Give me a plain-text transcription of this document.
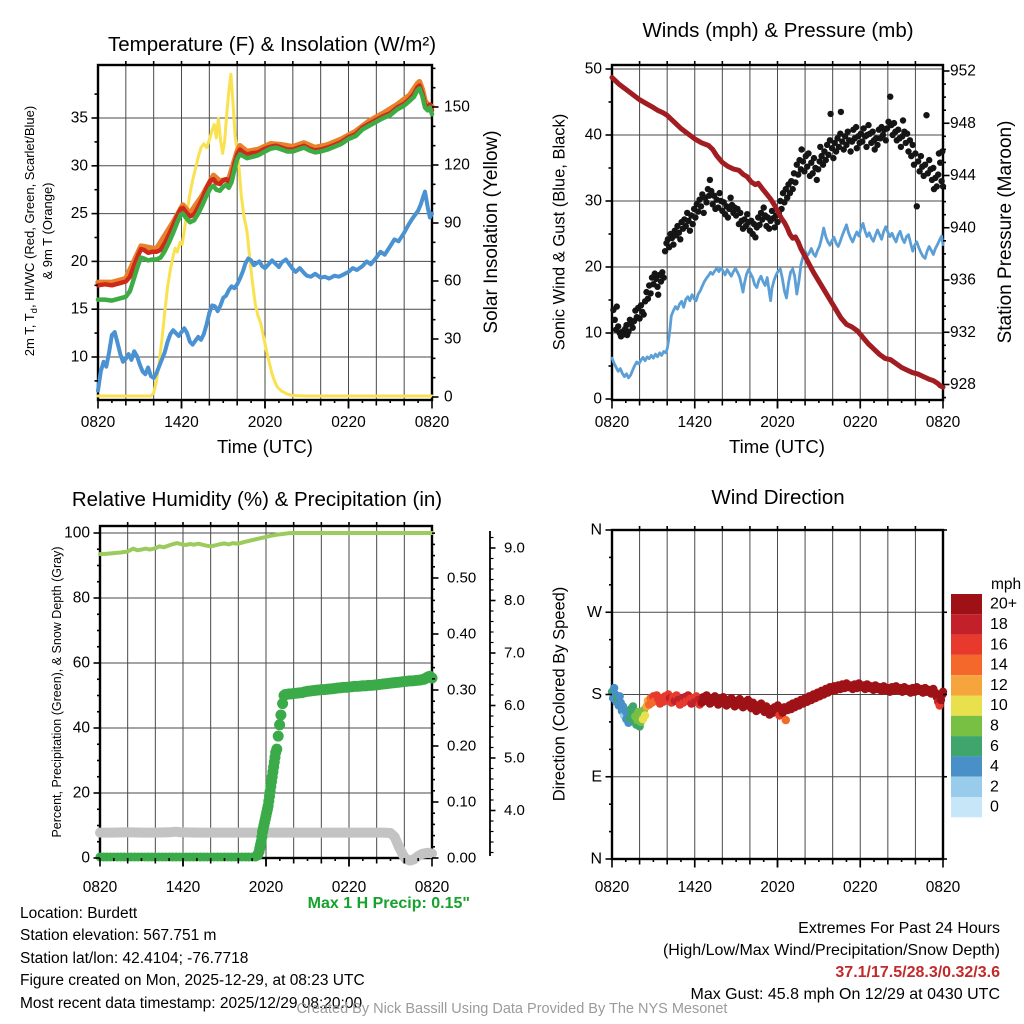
0820	1420	2020	0220	0820
10
15
20
25
30
35
0
30
60
90
120
150
0820	1420	2020	0220	0820
0
10
20
30
40
50
928
932
936
940
944
948
952
0820	1420	2020	0220	0820
0.00
0.10
0.20
0.30
0.40
0.50
4.0
5.0
6.0
7.0
8.0
9.0
0
20
40
60
80
100
0820	1420	2020	0220	0820
N
W
S
E
N
mph
20+
18
16
14
12
10
8
6
4
2
0
Temperature (F) & Insolation (W/m²)
Winds (mph) & Pressure (mb)
Relative Humidity (%) & Precipitation (in)	Wind Direction
2m T, $T_d$, HI/WC (Red, Green, Scarlet/Blue) & 9m T (Orange)	Solar Insolation (Yellow)	Sonic Wind & Gust (Blue, Black)	Station Pressure (Maroon)
Percent, Precipitation (Green), & Snow Depth (Gray)	Direction (Colored By Speed)
Time (UTC)	Time (UTC)
Location: Burdett
Station elevation: 567.751 m
Station lat/lon: 42.4104; -76.7718
Figure created on Mon, 2025-12-29, at 08:23 UTC
Most recent data timestamp: 2025/12/29 08:20:00
Max 1 H Precip: 0.15"
Extremes For Past 24 Hours
(High/Low/Max Wind/Precipitation/Snow Depth)
37.1/17.5/28.3/0.32/3.6
Max Gust: 45.8 mph On 12/29 at 0430 UTC
Created By Nick Bassill Using Data Provided By The NYS Mesonet
